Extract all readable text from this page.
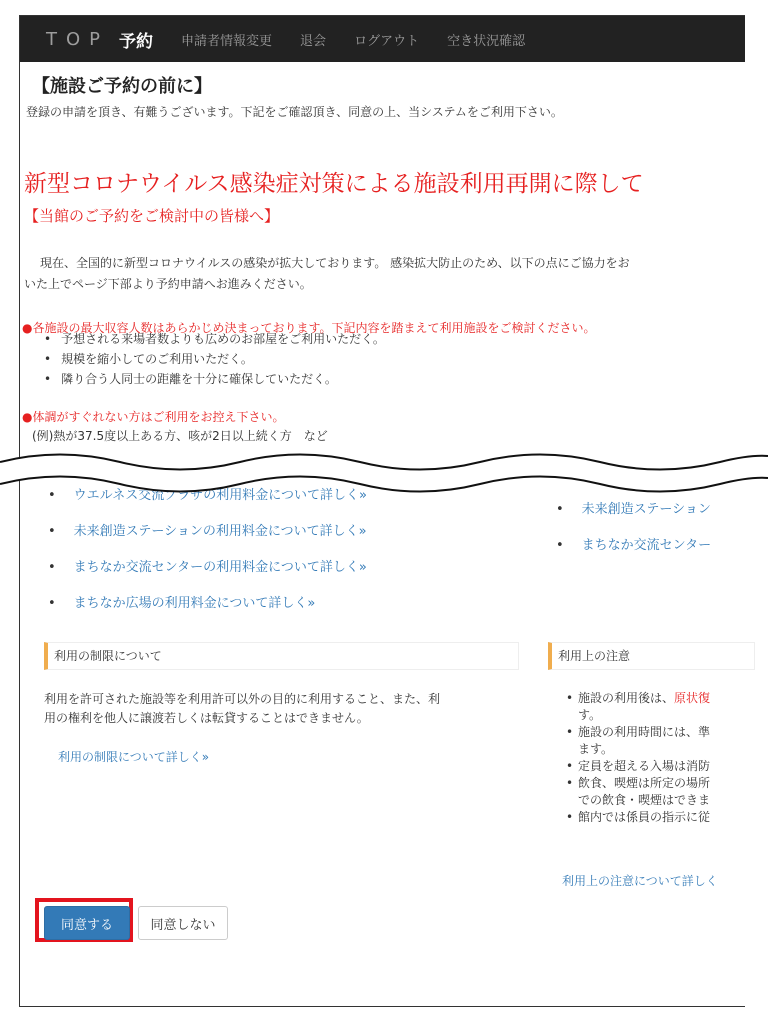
TOP 予約 申請者情報変更 退会 ログアウト 空き状況確認
【施設ご予約の前に】
登録の申請を頂き、有難うございます。下記をご確認頂き、同意の上、当システムをご利用下さい。
新型コロナウイルス感染症対策による施設利用再開に際して
【当館のご予約をご検討中の皆様へ】
現在、全国的に新型コロナウイルスの感染が拡大しております。 感染拡大防止のため、以下の点にご協力をお
いた上でページ下部より予約申請へお進みください。
●各施設の最大収容人数はあらかじめ決まっております。下記内容を踏まえて利用施設をご検討ください。
• 予想される来場者数よりも広めのお部屋をご利用いただく。
• 規模を縮小してのご利用いただく。
• 隣り合う人同士の距離を十分に確保していただく。
●体調がすぐれない方はご利用をお控え下さい。
(例)熱が37.5度以上ある方、咳が2日以上続く方　など
• ウエルネス交流プラザの利用料金について詳しく»
• 未来創造ステーションの利用料金について詳しく»
• まちなか交流センターの利用料金について詳しく»
• まちなか広場の利用料金について詳しく»
• 未来創造ステーション
• まちなか交流センター
利用の制限について
利用を許可された施設等を利用許可以外の目的に利用すること、また、利
用の権利を他人に譲渡若しくは転貸することはできません。
利用の制限について詳しく»
利用上の注意
• 施設の利用後は、原状復
す。
• 施設の利用時間には、準
ます。
• 定員を超える入場は消防
• 飲食、喫煙は所定の場所
での飲食・喫煙はできま
• 館内では係員の指示に従
利用上の注意について詳しく
同意する	同意しない
